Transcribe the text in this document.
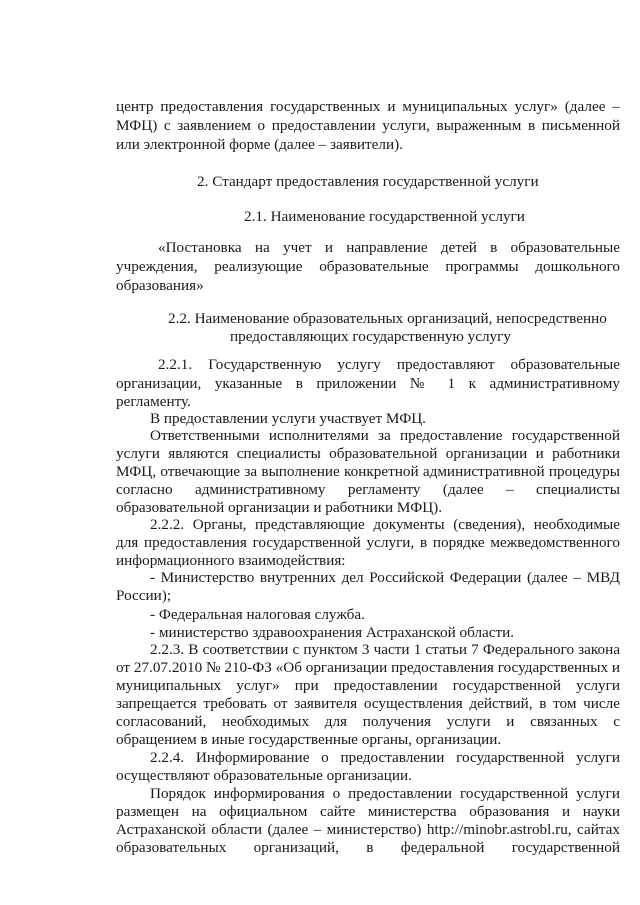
центр предоставления государственных и муниципальных услуг» (далее –
МФЦ) с заявлением о предоставлении услуги, выраженным в письменной
или электронной форме (далее – заявители).
2. Стандарт предоставления государственной услуги
2.1. Наименование государственной услуги
«Постановка на учет и направление детей в образовательные
учреждения, реализующие образовательные программы дошкольного
образования»
2.2. Наименование образовательных организаций, непосредственно
предоставляющих государственную услугу
2.2.1. Государственную услугу предоставляют образовательные
организации, указанные в приложении № 1 к административному
регламенту.
В предоставлении услуги участвует МФЦ.
Ответственными исполнителями за предоставление государственной
услуги являются специалисты образовательной организации и работники
МФЦ, отвечающие за выполнение конкретной административной процедуры
согласно административному регламенту (далее – специалисты
образовательной организации и работники МФЦ).
2.2.2. Органы, представляющие документы (сведения), необходимые
для предоставления государственной услуги, в порядке межведомственного
информационного взаимодействия:
- Министерство внутренних дел Российской Федерации (далее – МВД
России);
- Федеральная налоговая служба.
- министерство здравоохранения Астраханской области.
2.2.3. В соответствии с пунктом 3 части 1 статьи 7 Федерального закона
от 27.07.2010 № 210-ФЗ «Об организации предоставления государственных и
муниципальных услуг» при предоставлении государственной услуги
запрещается требовать от заявителя осуществления действий, в том числе
согласований, необходимых для получения услуги и связанных с
обращением в иные государственные органы, организации.
2.2.4. Информирование о предоставлении государственной услуги
осуществляют образовательные организации.
Порядок информирования о предоставлении государственной услуги
размещен на официальном сайте министерства образования и науки
Астраханской области (далее – министерство) http://minobr.astrobl.ru, сайтах
образовательных организаций, в федеральной государственной
